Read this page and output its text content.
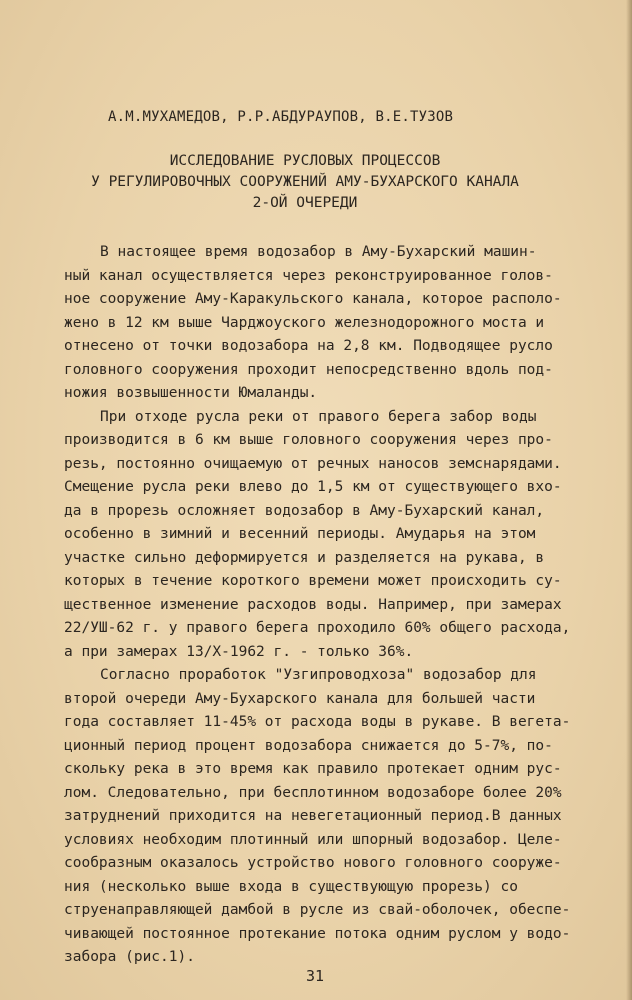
А.М.МУХАМЕДОВ, Р.Р.АБДУРАУПОВ, В.Е.ТУЗОВ
ИССЛЕДОВАНИЕ РУСЛОВЫХ ПРОЦЕССОВ
У РЕГУЛИРОВОЧНЫХ СООРУЖЕНИЙ АМУ-БУХАРСКОГО КАНАЛА
2-ОЙ ОЧЕРЕДИ
В настоящее время водозабор в Аму-Бухарский машин-
ный канал осуществляется через реконструированное голов-
ное сооружение Аму-Каракульского канала, которое располо-
жено в 12 км выше Чарджоуского железнодорожного моста и
отнесено от точки водозабора на 2,8 км. Подводящее русло
головного сооружения проходит непосредственно вдоль под-
ножия возвышенности Юмаланды.
При отходе русла реки от правого берега забор воды
производится в 6 км выше головного сооружения через про-
резь, постоянно очищаемую от речных наносов земснарядами.
Смещение русла реки влево до 1,5 км от существующего вхо-
да в прорезь осложняет водозабор в Аму-Бухарский канал,
особенно в зимний и весенний периоды. Амударья на этом
участке сильно деформируется и разделяется на рукава, в
которых в течение короткого времени может происходить су-
щественное изменение расходов воды. Например, при замерах
22/УШ-62 г. у правого берега проходило 60% общего расхода,
а при замерах 13/Х-1962 г. - только 36%.
Согласно проработок "Узгипроводхоза" водозабор для
второй очереди Аму-Бухарского канала для большей части
года составляет 11-45% от расхода воды в рукаве. В вегета-
ционный период процент водозабора снижается до 5-7%, по-
скольку река в это время как правило протекает одним рус-
лом. Следовательно, при бесплотинном водозаборе более 20%
затруднений приходится на невегетационный период.В данных
условиях необходим плотинный или шпорный водозабор. Целе-
сообразным оказалось устройство нового головного сооруже-
ния (несколько выше входа в существующую прорезь) со
струенаправляющей дамбой в русле из свай-оболочек, обеспе-
чивающей постоянное протекание потока одним руслом у водо-
забора (рис.1).
31
